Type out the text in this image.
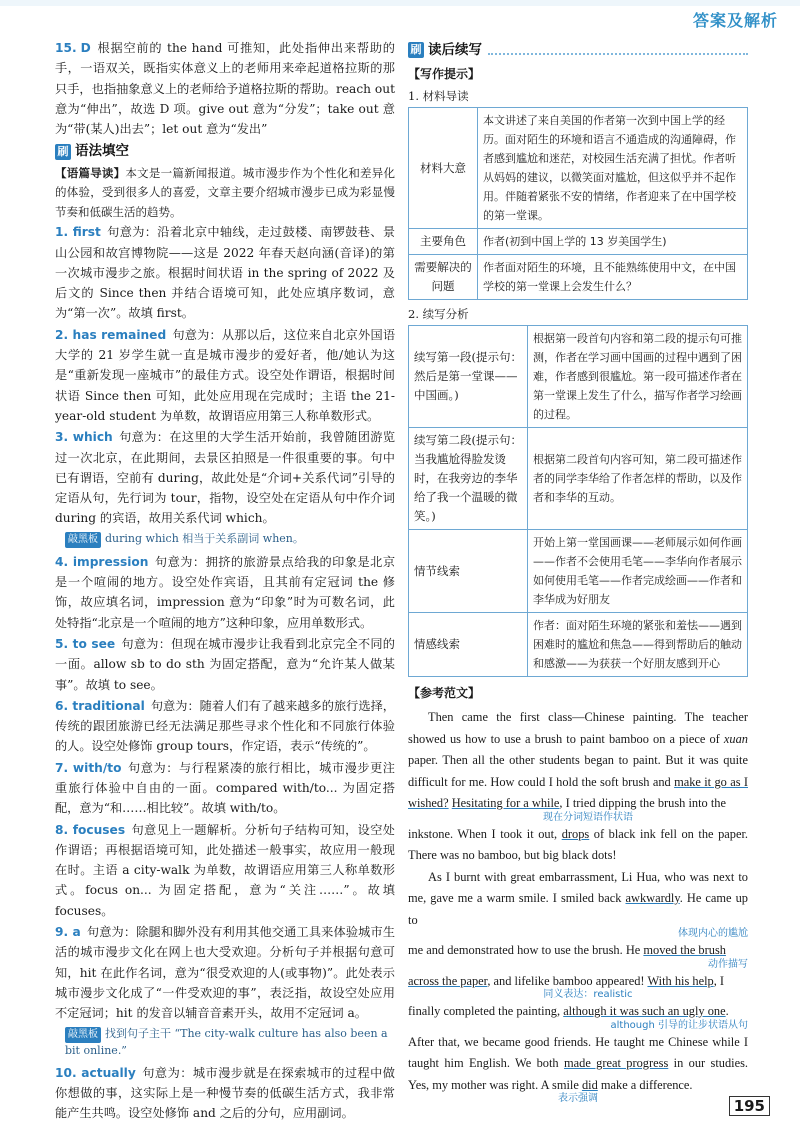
答案及解析
15. D 根据空前的 the hand 可推知，此处指伸出来帮助的手，一语双关，既指实体意义上的老师用来牵起道格拉斯的那只手，也指抽象意义上的老师给予道格拉斯的帮助。reach out 意为“伸出”，故选 D 项。give out 意为“分发”；take out 意为“带(某人)出去”；let out 意为“发出”
刷 语法填空
【语篇导读】本文是一篇新闻报道。城市漫步作为个性化和差异化的体验，受到很多人的喜爱，文章主要介绍城市漫步已成为彩显慢节奏和低碳生活的趋势。
1. first 句意为：沿着北京中轴线，走过鼓楼、南锣鼓巷、景山公园和故宫博物院——这是 2022 年春天赵向涵(音译)的第一次城市漫步之旅。根据时间状语 in the spring of 2022 及后文的 Since then 并结合语境可知，此处应填序数词，意为“第一次”。故填 first。
2. has remained 句意为：从那以后，这位来自北京外国语大学的 21 岁学生就一直是城市漫步的爱好者，他/她认为这是“重新发现一座城市”的最佳方式。设空处作谓语，根据时间状语 Since then 可知，此处应用现在完成时；主语 the 21-year-old student 为单数，故谓语应用第三人称单数形式。
3. which 句意为：在这里的大学生活开始前，我曾随团游览过一次北京，在此期间，去景区拍照是一件很重要的事。句中已有谓语，空前有 during，故此处是“介词+关系代词”引导的定语从句，先行词为 tour，指物，设空处在定语从句中作介词 during 的宾语，故用关系代词 which。
敲黑板 during which 相当于关系副词 when。
4. impression 句意为：拥挤的旅游景点给我的印象是北京是一个喧闹的地方。设空处作宾语，且其前有定冠词 the 修饰，故应填名词，impression 意为“印象”时为可数名词，此处特指“北京是一个喧闹的地方”这种印象，应用单数形式。
5. to see 句意为：但现在城市漫步让我看到北京完全不同的一面。allow sb to do sth 为固定搭配，意为“允许某人做某事”。故填 to see。
6. traditional 句意为：随着人们有了越来越多的旅行选择，传统的跟团旅游已经无法满足那些寻求个性化和不同旅行体验的人。设空处修饰 group tours，作定语，表示“传统的”。
7. with/to 句意为：与行程紧凑的旅行相比，城市漫步更注重旅行体验中自由的一面。compared with/to... 为固定搭配，意为“和……相比较”。故填 with/to。
8. focuses 句意见上一题解析。分析句子结构可知，设空处作谓语；再根据语境可知，此处描述一般事实，故应用一般现在时。主语 a city-walk 为单数，故谓语应用第三人称单数形式。focus on... 为固定搭配，意为“关注……”。故填 focuses。
9. a 句意为：除腿和脚外没有利用其他交通工具来体验城市生活的城市漫步文化在网上也大受欢迎。分析句子并根据句意可知，hit 在此作名词，意为“很受欢迎的人(或事物)”。此处表示城市漫步文化成了“一件受欢迎的事”，表泛指，故设空处应用不定冠词；hit 的发音以辅音音素开头，故用不定冠词 a。
敲黑板 找到句子主干 “The city-walk culture has also been a bit online.”
10. actually 句意为：城市漫步就是在探索城市的过程中做你想做的事，这实际上是一种慢节奏的低碳生活方式，我非常能产生共鸣。设空处修饰 and 之后的分句，应用副词。
刷 读后续写
【写作提示】
1. 材料导读
材料大意	本文讲述了来自美国的作者第一次到中国上学的经历。面对陌生的环境和语言不通造成的沟通障碍，作者感到尴尬和迷茫，对校园生活充满了担忧。作者听从妈妈的建议，以微笑面对尴尬，但这似乎并不起作用。伴随着紧张不安的情绪，作者迎来了在中国学校的第一堂课。
主要角色	作者(初到中国上学的 13 岁美国学生)
需要解决的问题	作者面对陌生的环境，且不能熟练使用中文，在中国学校的第一堂课上会发生什么？
2. 续写分析
续写第一段(提示句：然后是第一堂课——中国画。)	根据第一段首句内容和第二段的提示句可推测，作者在学习画中国画的过程中遇到了困难，作者感到很尴尬。第一段可描述作者在第一堂课上发生了什么，描写作者学习绘画的过程。
续写第二段(提示句：当我尴尬得脸发烫时，在我旁边的李华给了我一个温暖的微笑。)	根据第二段首句内容可知，第二段可描述作者的同学李华给了作者怎样的帮助，以及作者和李华的互动。
情节线索	开始上第一堂国画课——老师展示如何作画——作者不会使用毛笔——李华向作者展示如何使用毛笔——作者完成绘画——作者和李华成为好朋友
情感线索	作者：面对陌生环境的紧张和羞怯——遇到困难时的尴尬和焦急——得到帮助后的触动和感激——为获获一个好朋友感到开心
【参考范文】

Then came the first class—Chinese painting. The teacher showed us how to use a brush to paint bamboo on a piece of xuan paper. Then all the other students began to paint. But it was quite difficult for me. How could I hold the soft brush and make it go as I wished? Hesitating for a while, I tried dipping the brush into the
现在分词短语作状语
inkstone. When I took it out, drops of black ink fell on the paper. There was no bamboo, but big black dots!

As I burnt with great embarrassment, Li Hua, who was next to me, gave me a warm smile. I smiled back awkwardly. He came up to
体现内心的尴尬
me and demonstrated how to use the brush. He moved the brush
动作描写
across the paper, and lifelike bamboo appeared! With his help, I
同义表达：realistic
finally completed the painting, although it was such an ugly one.
although 引导的让步状语从句

After that, we became good friends. He taught me Chinese while I taught him English. We both made great progress in our studies. Yes, my mother was right. A smile did make a difference.
表示强调	195
